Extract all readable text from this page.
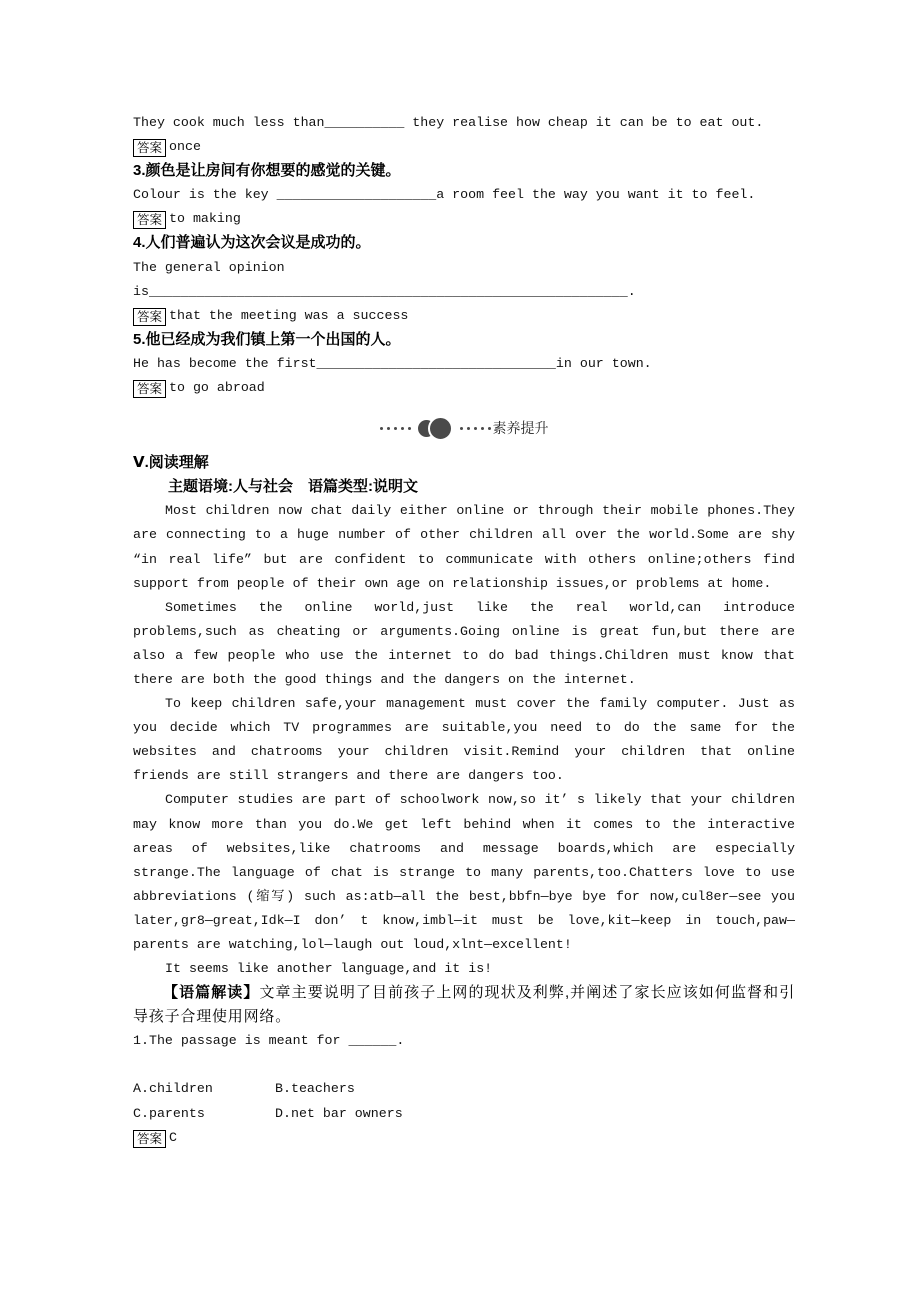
They cook much less than__________ they realise how cheap it can be to eat out.

答案 once

3.颜色是让房间有你想要的感觉的关键。

Colour is the key ____________________a room feel the way you want it to feel.

答案 to making

4.人们普遍认为这次会议是成功的。

The general opinion

is____________________________________________________________.

答案 that the meeting was a success

5.他已经成为我们镇上第一个出国的人。

He has become the first______________________________in our town.

答案 to go abroad
素养提升

Ⅴ.阅读理解

主题语境:人与社会　语篇类型:说明文

Most children now chat daily either online or through their mobile phones.They are connecting to a huge number of other children all over the world.Some are shy “in real life” but are confident to communicate with others online;others find support from people of their own age on relationship issues,or problems at home.

Sometimes the online world,just like the real world,can introduce problems,such as cheating or arguments.Going online is great fun,but there are also a few people who use the internet to do bad things.Children must know that there are both the good things and the dangers on the internet.

To keep children safe,your management must cover the family computer. Just as you decide which TV programmes are suitable,you need to do the same for the websites and chatrooms your children visit.Remind your children that online friends are still strangers and there are dangers too.

Computer studies are part of schoolwork now,so it’ s likely that your children may know more than you do.We get left behind when it comes to the interactive areas of websites,like chatrooms and message boards,which are especially strange.The language of chat is strange to many parents,too.Chatters love to use abbreviations (缩写) such as:atb—all the best,bbfn—bye bye for now,cul8er—see you later,gr8—great,Idk—I don’ t know,imbl—it must be love,kit—keep in touch,paw—parents are watching,lol—laugh out loud,xlnt—excellent!

It seems like another language,and it is!

【语篇解读】文章主要说明了目前孩子上网的现状及利弊,并阐述了家长应该如何监督和引导孩子合理使用网络。

1.The passage is meant for ______.

A.children	B.teachers
C.parents	D.net bar owners
答案 C
